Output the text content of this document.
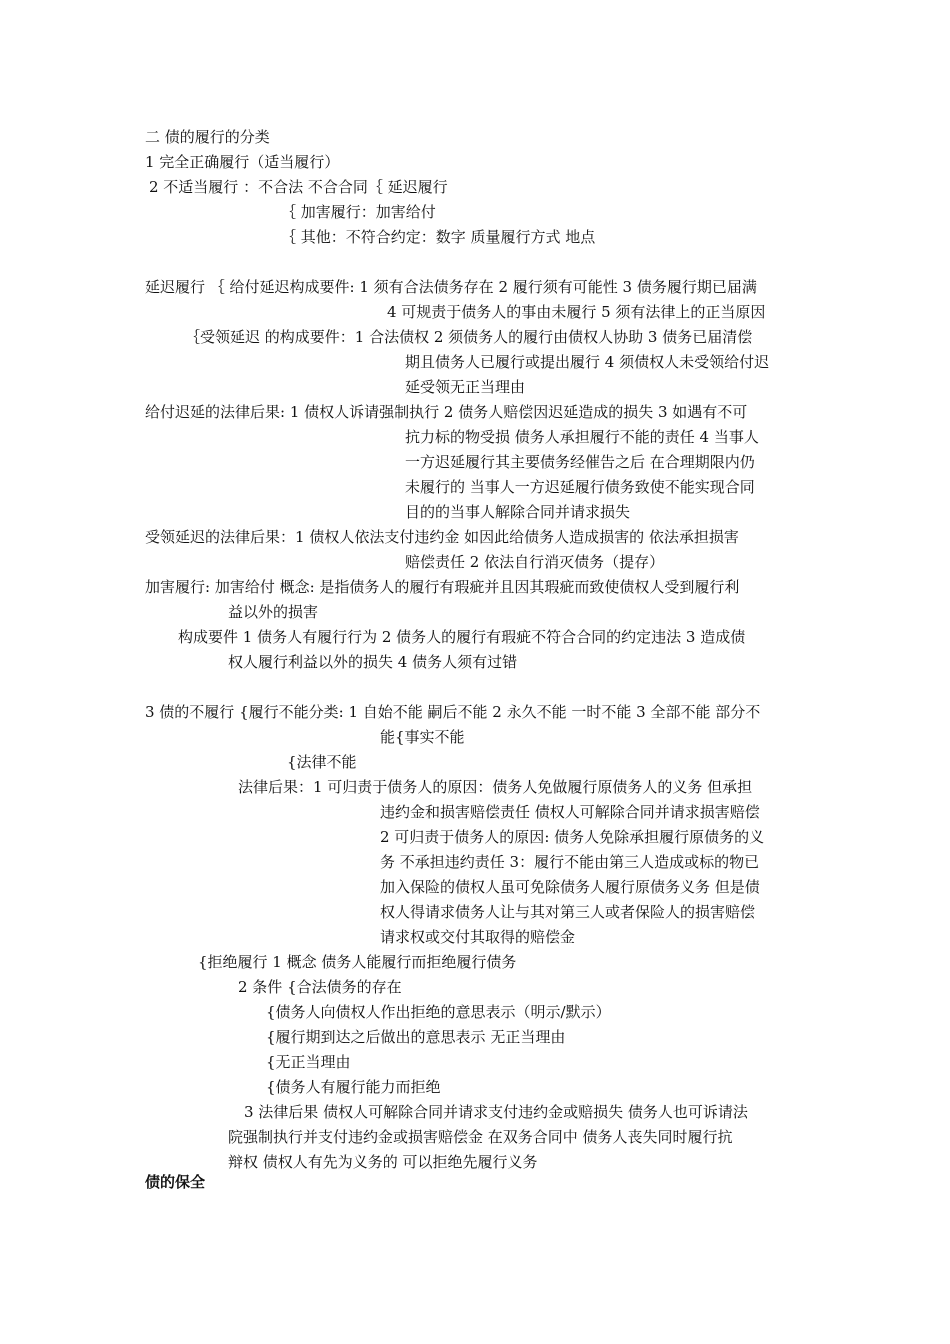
二 债的履行的分类
1 完全正确履行（适当履行）
2 不适当履行 ：不合法 不合合同｛ 延迟履行
｛ 加害履行：加害给付
｛ 其他：不符合约定：数字 质量履行方式 地点
延迟履行 ｛ 给付延迟构成要件: 1 须有合法债务存在 2 履行须有可能性 3 债务履行期已届满
4 可规责于债务人的事由未履行 5 须有法律上的正当原因
｛受领延迟 的构成要件：1 合法债权 2 须债务人的履行由债权人协助 3 债务已届清偿
期且债务人已履行或提出履行 4 须债权人未受领给付迟
延受领无正当理由
给付迟延的法律后果: 1 债权人诉请强制执行 2 债务人赔偿因迟延造成的损失 3 如遇有不可
抗力标的物受损 债务人承担履行不能的责任 4 当事人
一方迟延履行其主要债务经催告之后 在合理期限内仍
未履行的 当事人一方迟延履行债务致使不能实现合同
目的的当事人解除合同并请求损失
受领延迟的法律后果：1 债权人依法支付违约金 如因此给债务人造成损害的 依法承担损害
赔偿责任 2 依法自行消灭债务（提存）
加害履行: 加害给付 概念: 是指债务人的履行有瑕疵并且因其瑕疵而致使债权人受到履行利
益以外的损害
构成要件 1 债务人有履行行为 2 债务人的履行有瑕疵不符合合同的约定违法 3 造成债
权人履行利益以外的损失 4 债务人须有过错
3 债的不履行 {履行不能分类: 1 自始不能 嗣后不能 2 永久不能 一时不能 3 全部不能 部分不
能{事实不能
{法律不能
法律后果：1 可归责于债务人的原因：债务人免做履行原债务人的义务 但承担
违约金和损害赔偿责任 债权人可解除合同并请求损害赔偿
2 可归责于债务人的原因: 债务人免除承担履行原债务的义
务 不承担违约责任 3：履行不能由第三人造成或标的物已
加入保险的债权人虽可免除债务人履行原债务义务 但是债
权人得请求债务人让与其对第三人或者保险人的损害赔偿
请求权或交付其取得的赔偿金
{拒绝履行 1 概念 债务人能履行而拒绝履行债务
2 条件 {合法债务的存在
{债务人向债权人作出拒绝的意思表示（明示/默示）
{履行期到达之后做出的意思表示 无正当理由
{无正当理由
{债务人有履行能力而拒绝
3 法律后果 债权人可解除合同并请求支付违约金或赔损失 债务人也可诉请法
院强制执行并支付违约金或损害赔偿金 在双务合同中 债务人丧失同时履行抗
辩权 债权人有先为义务的 可以拒绝先履行义务
债的保全
